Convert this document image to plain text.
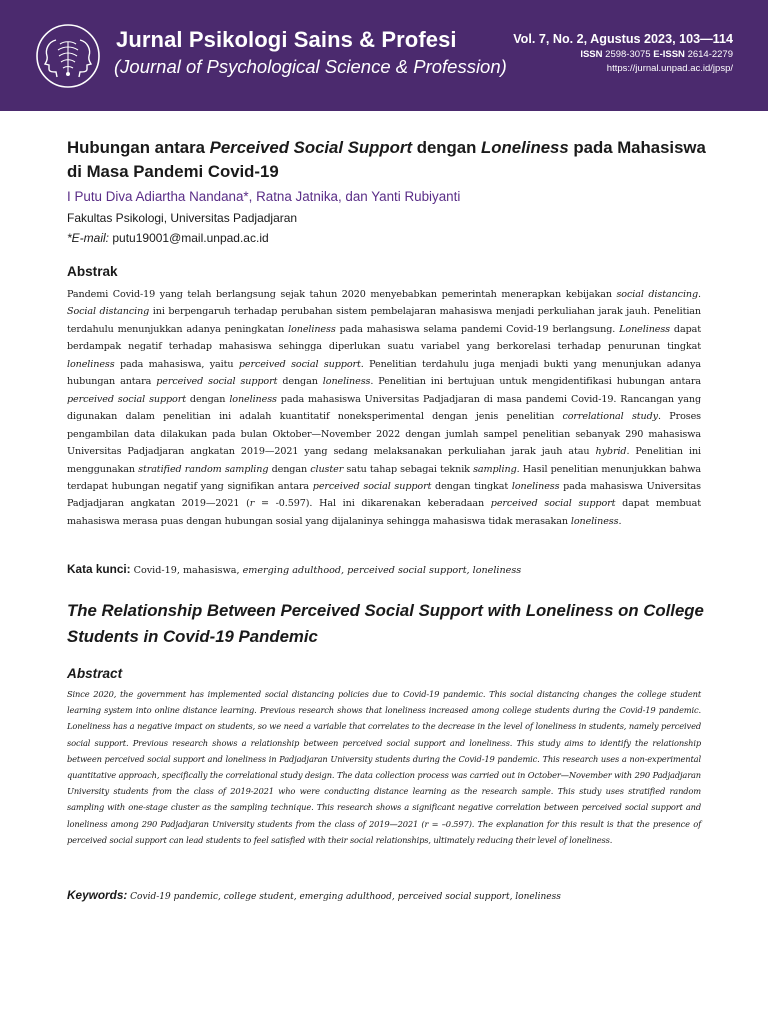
Jurnal Psikologi Sains & Profesi
(Journal of Psychological Science & Profession)
Vol. 7, No. 2, Agustus 2023, 103—114
ISSN 2598-3075 E-ISSN 2614-2279
https://jurnal.unpad.ac.id/jpsp/
Hubungan antara Perceived Social Support dengan Loneliness pada Mahasiswa di Masa Pandemi Covid-19
I Putu Diva Adiartha Nandana*, Ratna Jatnika, dan Yanti Rubiyanti
Fakultas Psikologi, Universitas Padjadjaran
*E-mail: putu19001@mail.unpad.ac.id
Abstrak
Pandemi Covid-19 yang telah berlangsung sejak tahun 2020 menyebabkan pemerintah menerapkan kebijakan social distancing. Social distancing ini berpengaruh terhadap perubahan sistem pembelajaran mahasiswa menjadi perkuliahan jarak jauh. Penelitian terdahulu menunjukkan adanya peningkatan loneliness pada mahasiswa selama pandemi Covid-19 berlangsung. Loneliness dapat berdampak negatif terhadap mahasiswa sehingga diperlukan suatu variabel yang berkorelasi terhadap penurunan tingkat loneliness pada mahasiswa, yaitu perceived social support. Penelitian terdahulu juga menjadi bukti yang menunjukan adanya hubungan antara perceived social support dengan loneliness. Penelitian ini bertujuan untuk mengidentifikasi hubungan antara perceived social support dengan loneliness pada mahasiswa Universitas Padjadjaran di masa pandemi Covid-19. Rancangan yang digunakan dalam penelitian ini adalah kuantitatif noneksperimental dengan jenis penelitian correlational study. Proses pengambilan data dilakukan pada bulan Oktober—November 2022 dengan jumlah sampel penelitian sebanyak 290 mahasiswa Universitas Padjadjaran angkatan 2019—2021 yang sedang melaksanakan perkuliahan jarak jauh atau hybrid. Penelitian ini menggunakan stratified random sampling dengan cluster satu tahap sebagai teknik sampling. Hasil penelitian menunjukkan bahwa terdapat hubungan negatif yang signifikan antara perceived social support dengan tingkat loneliness pada mahasiswa Universitas Padjadjaran angkatan 2019—2021 (r = -0.597). Hal ini dikarenakan keberadaan perceived social support dapat membuat mahasiswa merasa puas dengan hubungan sosial yang dijalaninya sehingga mahasiswa tidak merasakan loneliness.
Kata kunci: Covid-19, mahasiswa, emerging adulthood, perceived social support, loneliness
The Relationship Between Perceived Social Support with Loneliness on College Students in Covid-19 Pandemic
Abstract
Since 2020, the government has implemented social distancing policies due to Covid-19 pandemic. This social distancing changes the college student learning system into online distance learning. Previous research shows that loneliness increased among college students during the Covid-19 pandemic. Loneliness has a negative impact on students, so we need a variable that correlates to the decrease in the level of loneliness in students, namely perceived social support. Previous research shows a relationship between perceived social support and loneliness. This study aims to identify the relationship between perceived social support and loneliness in Padjadjaran University students during the Covid-19 pandemic. This research uses a non-experimental quantitative approach, specifically the correlational study design. The data collection process was carried out in October—November with 290 Padjadjaran University students from the class of 2019-2021 who were conducting distance learning as the research sample. This study uses stratified random sampling with one-stage cluster as the sampling technique. This research shows a significant negative correlation between perceived social support and loneliness among 290 Padjadjaran University students from the class of 2019—2021 (r = –0.597). The explanation for this result is that the presence of perceived social support can lead students to feel satisfied with their social relationships, ultimately reducing their level of loneliness.
Keywords: Covid-19 pandemic, college student, emerging adulthood, perceived social support, loneliness
